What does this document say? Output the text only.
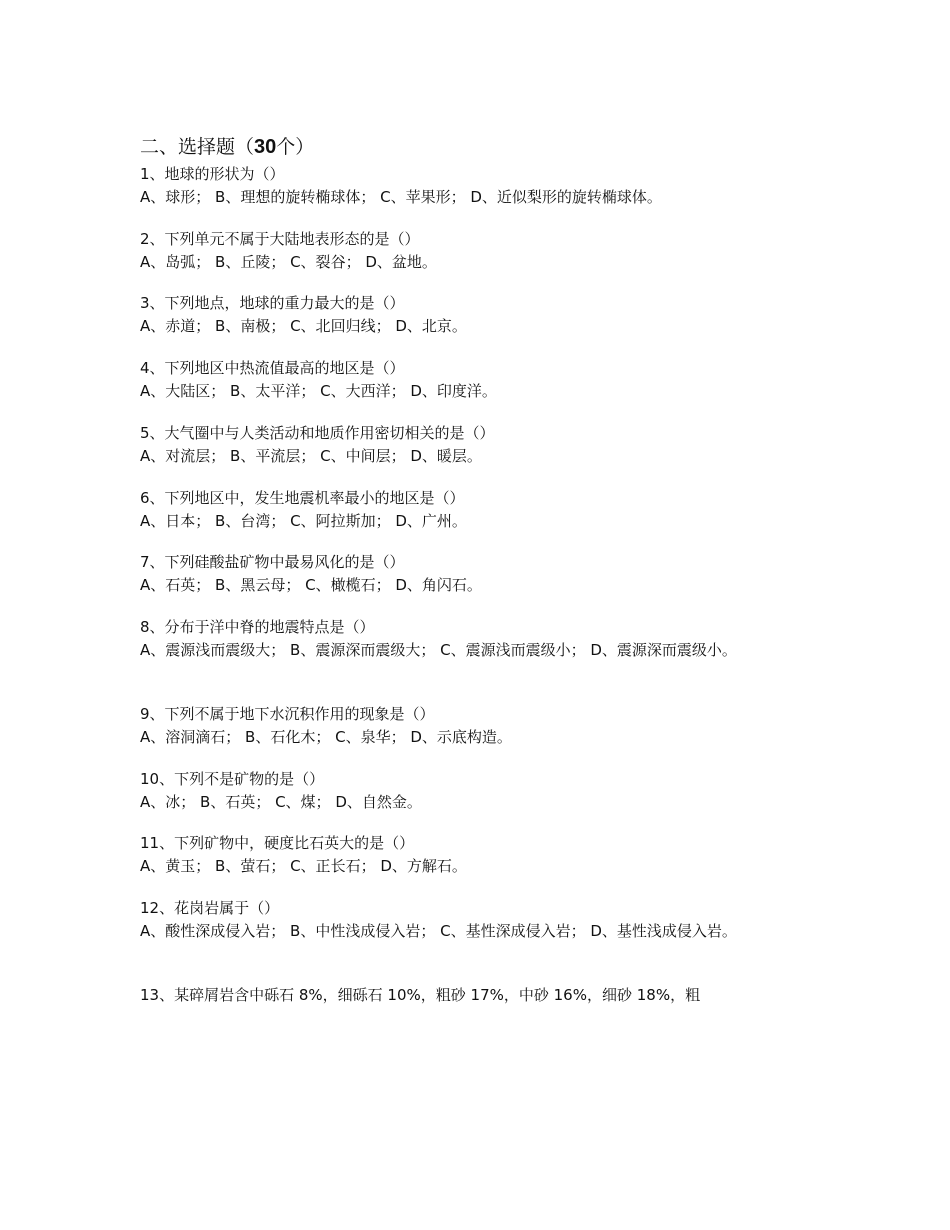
二、选择题（30个）
1、地球的形状为（）
A、球形； B、理想的旋转椭球体； C、苹果形； D、近似梨形的旋转椭球体。
2、下列单元不属于大陆地表形态的是（）
A、岛弧； B、丘陵； C、裂谷； D、盆地。
3、下列地点，地球的重力最大的是（）
A、赤道； B、南极； C、北回归线； D、北京。
4、下列地区中热流值最高的地区是（）
A、大陆区； B、太平洋； C、大西洋； D、印度洋。
5、大气圈中与人类活动和地质作用密切相关的是（）
A、对流层； B、平流层； C、中间层； D、暖层。
6、下列地区中，发生地震机率最小的地区是（）
A、日本； B、台湾； C、阿拉斯加； D、广州。
7、下列硅酸盐矿物中最易风化的是（）
A、石英； B、黑云母； C、橄榄石； D、角闪石。
8、分布于洋中脊的地震特点是（）
A、震源浅而震级大； B、震源深而震级大； C、震源浅而震级小； D、震源深而震级小。
9、下列不属于地下水沉积作用的现象是（）
A、溶洞滴石； B、石化木； C、泉华； D、示底构造。
10、下列不是矿物的是（）
A、冰； B、石英； C、煤； D、自然金。
11、下列矿物中，硬度比石英大的是（）
A、黄玉； B、萤石； C、正长石； D、方解石。
12、花岗岩属于（）
A、酸性深成侵入岩； B、中性浅成侵入岩； C、基性深成侵入岩； D、基性浅成侵入岩。
13、某碎屑岩含中砾石 8%，细砾石 10%，粗砂 17%，中砂 16%，细砂 18%，粗
